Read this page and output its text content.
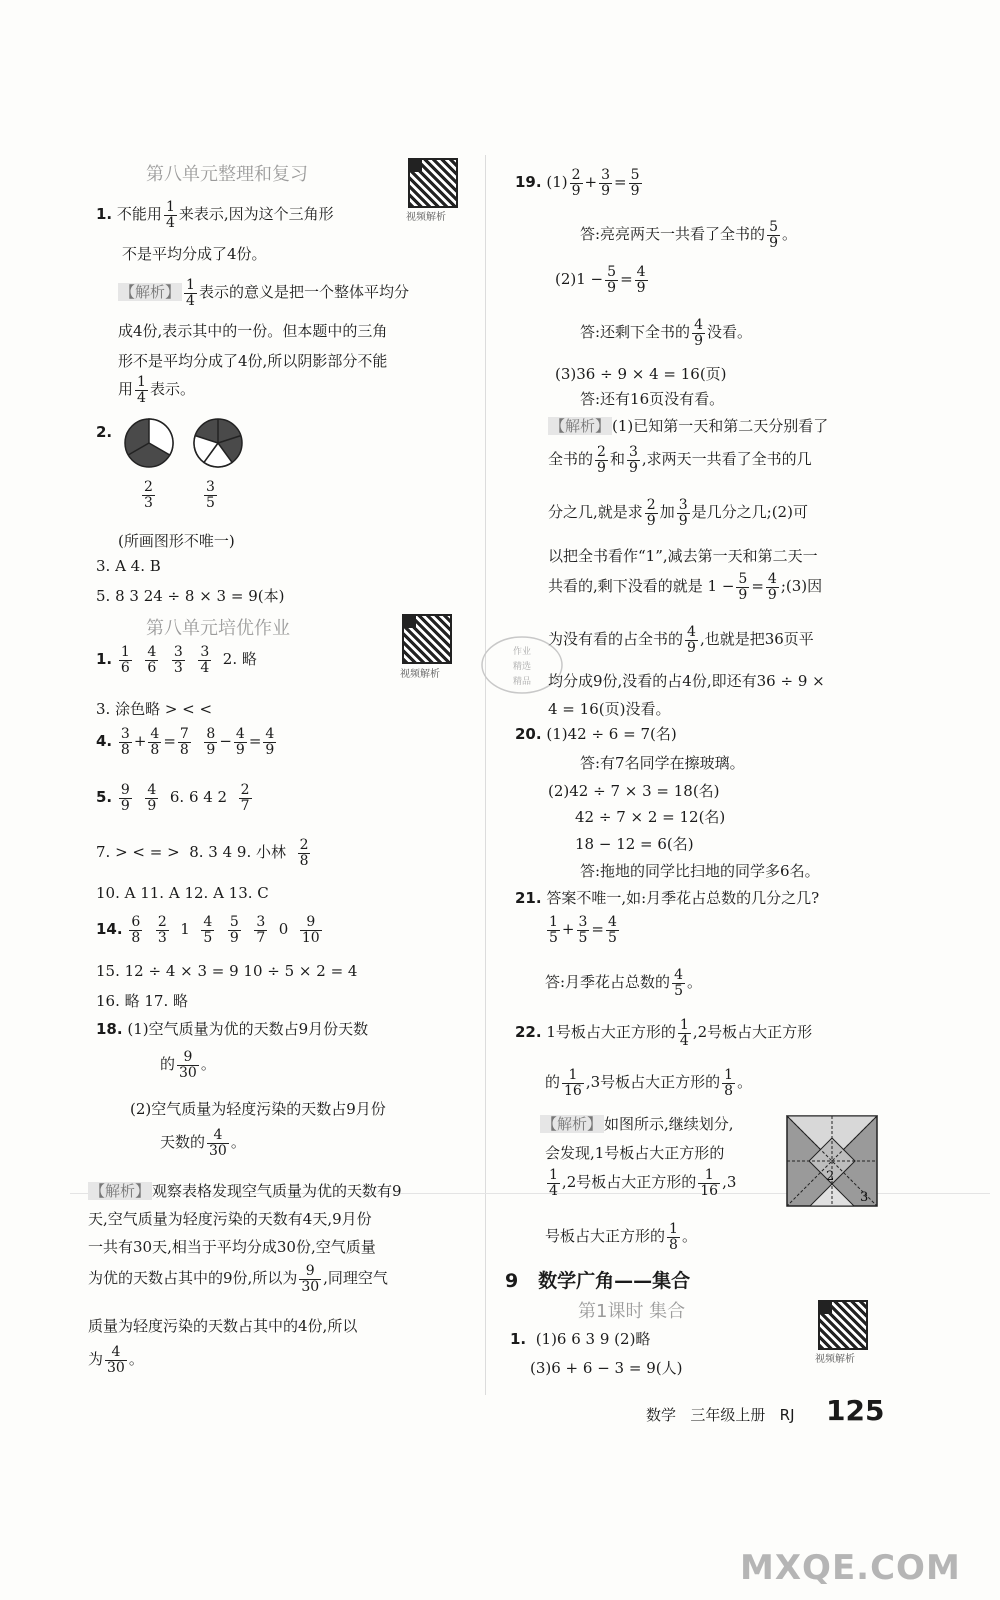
第八单元整理和复习
视频解析
1. 不能用 $\frac{1}{4}$ 来表示,因为这个三角形
不是平均分成了4份。
【解析】 $\frac{1}{4}$ 表示的意义是把一个整体平均分
成4份,表示其中的一份。但本题中的三角
形不是平均分成了4份,所以阴影部分不能
用 $\frac{1}{4}$ 表示。
2.
$\frac{2}{3}$	$\frac{3}{5}$
(所画图形不唯一)
3. A 4. B
5. 8 3 24 ÷ 8 × 3 = 9(本)
第八单元培优作业
视频解析
1. $\frac{1}{6}$
$\frac{4}{6}$
$\frac{3}{3}$
$\frac{3}{4} 2$. 略
3. 涂色略 > < <
4. $\frac{3}{8} + \frac{4}{8} = \frac{7}{8}$
$\frac{8}{9} - \frac{4}{9} = \frac{4}{9}$
5. $\frac{9}{9}$
$\frac{4}{9} 6$. 6 4 $2 \frac{2}{7}$
7. > < = > 8. 3 4 9. 小林 $\frac{2}{8}$
10. A 11. A 12. A 13. C
14. $\frac{6}{8}$
$\frac{2}{3} 1 \frac{4}{5}$
$\frac{5}{9}$
$\frac{3}{7} 0 \frac{9}{10}$
15. 12 ÷ 4 × 3 = 9 10 ÷ 5 × 2 = 4
16. 略 17. 略
18. (1)空气质量为优的天数占9月份天数
的 $\frac{9}{30}$ 。
(2)空气质量为轻度污染的天数占9月份
天数的 $\frac{4}{30}$ 。
【解析】 观察表格发现空气质量为优的天数有9
天,空气质量为轻度污染的天数有4天,9月份
一共有30天,相当于平均分成30份,空气质量
为优的天数占其中的9份,所以为 $\frac{9}{30}$ ,同理空气
质量为轻度污染的天数占其中的4份,所以
为 $\frac{4}{30}$ 。
作业
精选
精品
19. $(1) \frac{2}{9} + \frac{3}{9} = \frac{5}{9}$
答:亮亮两天一共看了全书的 $\frac{5}{9}$ 。
$(2)1 - \frac{5}{9} = \frac{4}{9}$
答:还剩下全书的 $\frac{4}{9}$ 没看。
(3)36 ÷ 9 × 4 = 16(页)
答:还有16页没有看。
【解析】 (1)已知第一天和第二天分别看了
全书的 $\frac{2}{9}$ 和 $\frac{3}{9}$ ,求两天一共看了全书的几
分之几,就是求 $\frac{2}{9}$ 加 $\frac{3}{9}$ 是几分之几;(2)可
以把全书看作“1”,减去第一天和第二天一
共看的,剩下没看的就是 $1 - \frac{5}{9} = \frac{4}{9}$ ;(3)因
为没有看的占全书的 $\frac{4}{9}$ ,也就是把36页平
均分成9份,没看的占4份,即还有36 ÷ 9 ×
4 = 16(页)没看。
20. (1)42 ÷ 6 = 7(名)
答:有7名同学在擦玻璃。
(2)42 ÷ 7 × 3 = 18(名)
42 ÷ 7 × 2 = 12(名)
18 − 12 = 6(名)
答:拖地的同学比扫地的同学多6名。
21. 答案不唯一,如:月季花占总数的几分之几?
$\frac{1}{5} + \frac{3}{5} = \frac{4}{5}$
答:月季花占总数的 $\frac{4}{5}$ 。
22. 1号板占大正方形的 $\frac{1}{4} ,2$号板占大正方形
的 $\frac{1}{16} ,3$号板占大正方形的 $\frac{1}{8}$ 。
【解析】 如图所示,继续划分,
会发现,1号板占大正方形的
$\frac{1}{4} ,2$号板占大正方形的 $\frac{1}{16} ,3$
号板占大正方形的 $\frac{1}{8}$ 。
2
3
9 数学广角——集合
第1课时 集合
视频解析
1. (1)6 6 3 9 (2)略
(3)6 + 6 − 3 = 9(人)
数学 三年级上册 RJ 125
MXQE.COM
